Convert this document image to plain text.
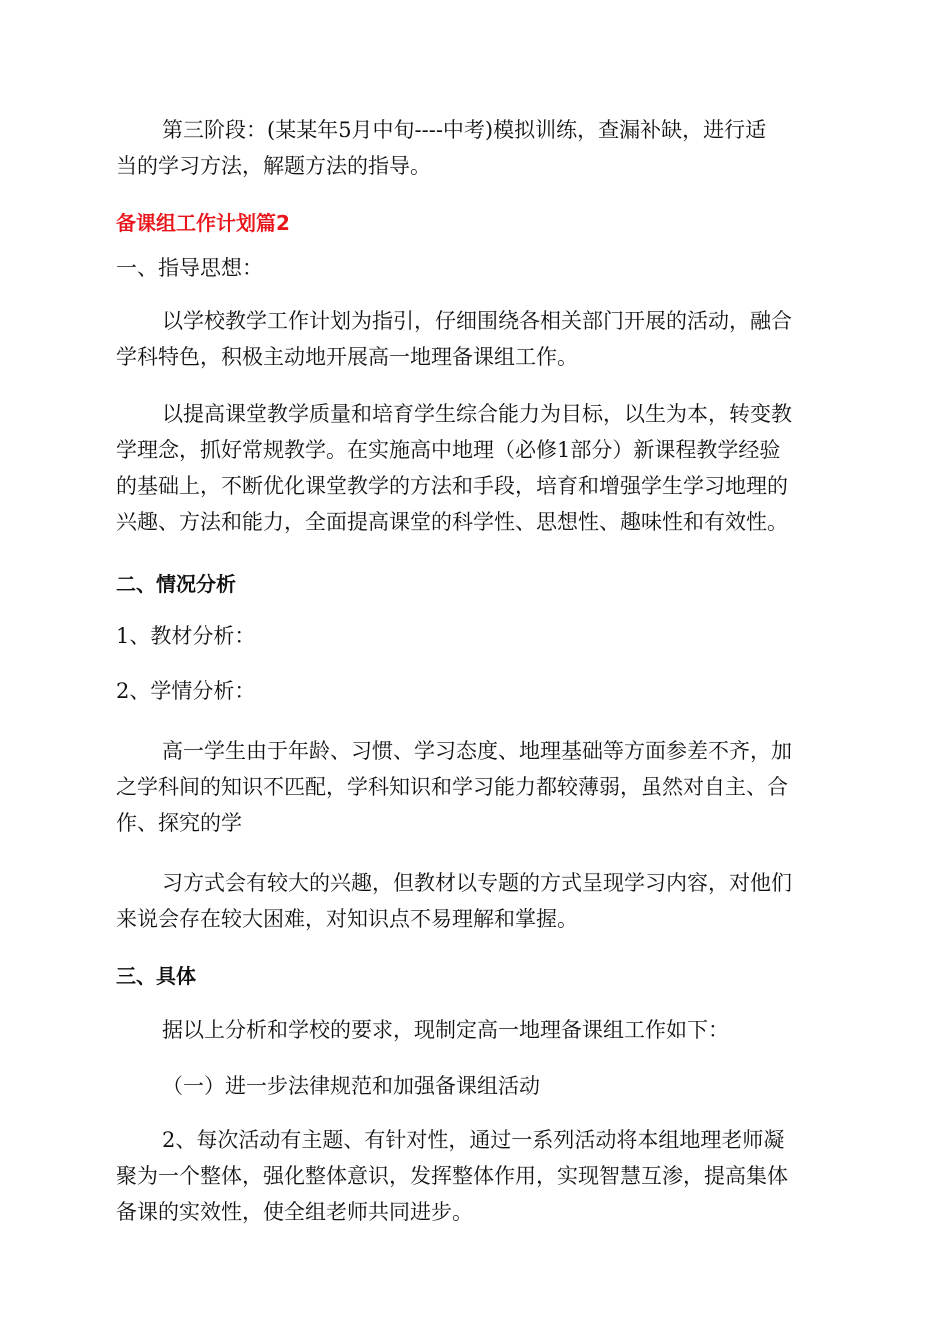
第三阶段：(某某年5月中旬----中考)模拟训练，查漏补缺，进行适
当的学习方法，解题方法的指导。
备课组工作计划篇2
一、指导思想：
以学校教学工作计划为指引，仔细围绕各相关部门开展的活动，融合
学科特色，积极主动地开展高一地理备课组工作。
以提高课堂教学质量和培育学生综合能力为目标，以生为本，转变教
学理念，抓好常规教学。在实施高中地理（必修1部分）新课程教学经验
的基础上，不断优化课堂教学的方法和手段，培育和增强学生学习地理的
兴趣、方法和能力，全面提高课堂的科学性、思想性、趣味性和有效性。
二、情况分析
1、教材分析：
2、学情分析：
高一学生由于年龄、习惯、学习态度、地理基础等方面参差不齐，加
之学科间的知识不匹配，学科知识和学习能力都较薄弱，虽然对自主、合
作、探究的学
习方式会有较大的兴趣，但教材以专题的方式呈现学习内容，对他们
来说会存在较大困难，对知识点不易理解和掌握。
三、具体
据以上分析和学校的要求，现制定高一地理备课组工作如下：
（一）进一步法律规范和加强备课组活动
2、每次活动有主题、有针对性，通过一系列活动将本组地理老师凝
聚为一个整体，强化整体意识，发挥整体作用，实现智慧互渗，提高集体
备课的实效性，使全组老师共同进步。
